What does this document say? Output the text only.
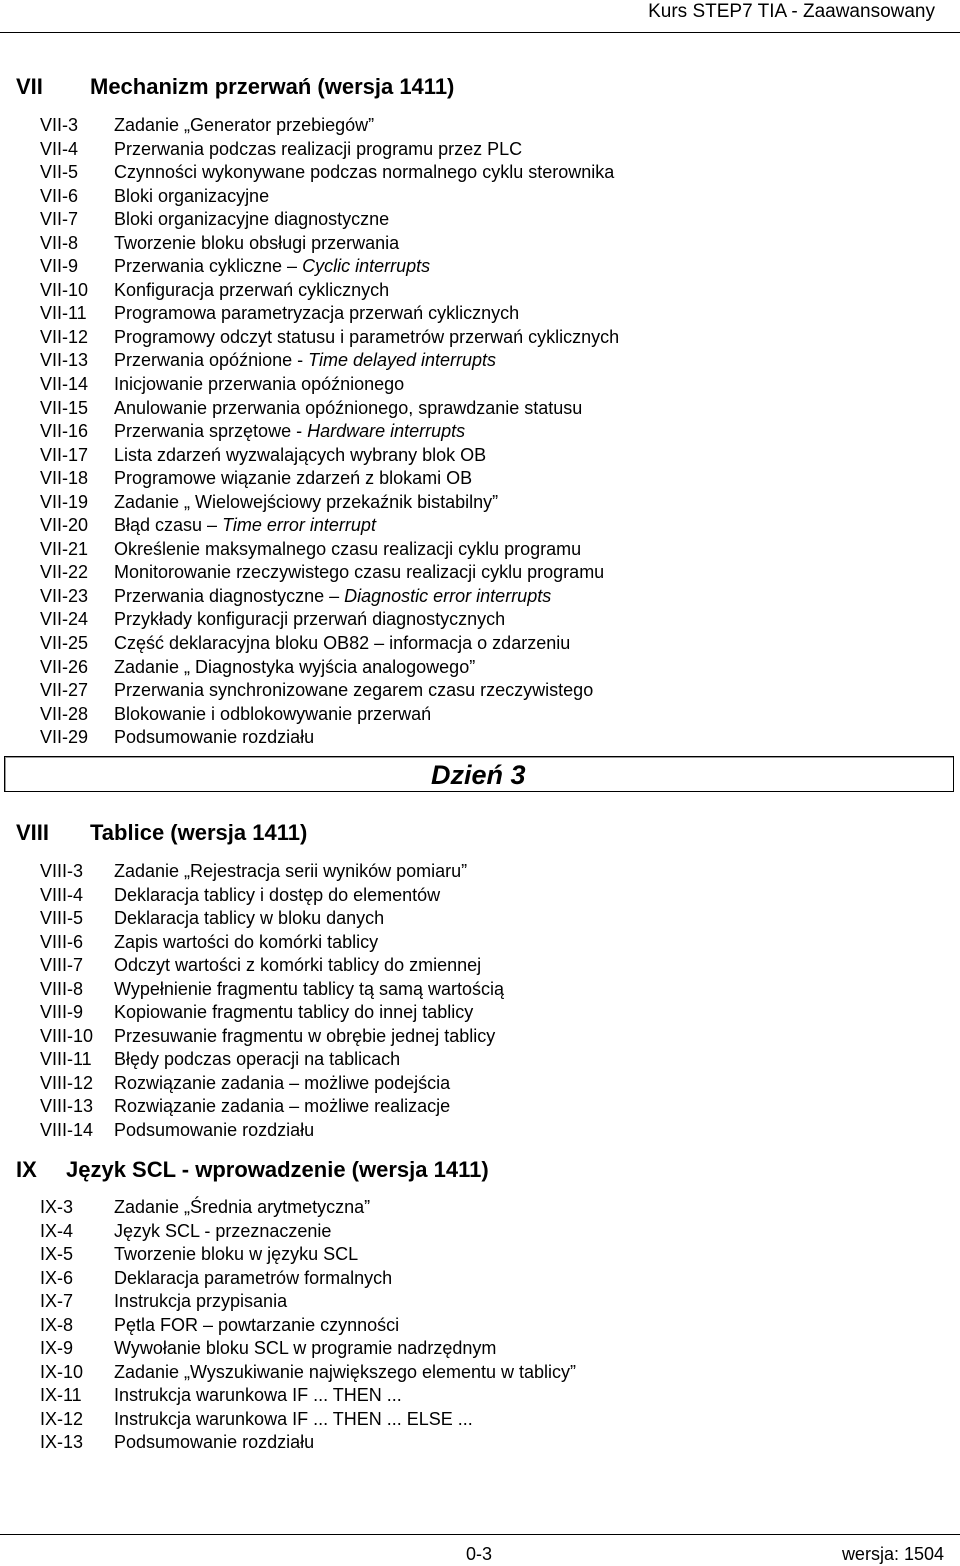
Kurs STEP7 TIA - Zaawansowany
VII Mechanizm przerwań (wersja 1411)
VII-3 Zadanie „Generator przebiegów”
VII-4 Przerwania podczas realizacji programu przez PLC
VII-5 Czynności wykonywane podczas normalnego cyklu sterownika
VII-6 Bloki organizacyjne
VII-7 Bloki organizacyjne diagnostyczne
VII-8 Tworzenie bloku obsługi przerwania
VII-9 Przerwania cykliczne – Cyclic interrupts
VII-10 Konfiguracja przerwań cyklicznych
VII-11 Programowa parametryzacja przerwań cyklicznych
VII-12 Programowy odczyt statusu i parametrów przerwań cyklicznych
VII-13 Przerwania opóźnione - Time delayed interrupts
VII-14 Inicjowanie przerwania opóźnionego
VII-15 Anulowanie przerwania opóźnionego, sprawdzanie statusu
VII-16 Przerwania sprzętowe - Hardware interrupts
VII-17 Lista zdarzeń wyzwalających wybrany blok OB
VII-18 Programowe wiązanie zdarzeń z blokami OB
VII-19 Zadanie „ Wielowejściowy przekaźnik bistabilny”
VII-20 Błąd czasu – Time error interrupt
VII-21 Określenie maksymalnego czasu realizacji cyklu programu
VII-22 Monitorowanie rzeczywistego czasu realizacji cyklu programu
VII-23 Przerwania diagnostyczne – Diagnostic error interrupts
VII-24 Przykłady konfiguracji przerwań diagnostycznych
VII-25 Część deklaracyjna bloku OB82 – informacja o zdarzeniu
VII-26 Zadanie „ Diagnostyka wyjścia analogowego”
VII-27 Przerwania synchronizowane zegarem czasu rzeczywistego
VII-28 Blokowanie i odblokowywanie przerwań
VII-29 Podsumowanie rozdziału
Dzień 3
VIII Tablice (wersja 1411)
VIII-3 Zadanie „Rejestracja serii wyników pomiaru”
VIII-4 Deklaracja tablicy i dostęp do elementów
VIII-5 Deklaracja tablicy w bloku danych
VIII-6 Zapis wartości do komórki tablicy
VIII-7 Odczyt wartości z komórki tablicy do zmiennej
VIII-8 Wypełnienie fragmentu tablicy tą samą wartością
VIII-9 Kopiowanie fragmentu tablicy do innej tablicy
VIII-10 Przesuwanie fragmentu w obrębie jednej tablicy
VIII-11 Błędy podczas operacji na tablicach
VIII-12 Rozwiązanie zadania – możliwe podejścia
VIII-13 Rozwiązanie zadania – możliwe realizacje
VIII-14 Podsumowanie rozdziału
IX Język SCL - wprowadzenie (wersja 1411)
IX-3 Zadanie „Średnia arytmetyczna”
IX-4 Język SCL - przeznaczenie
IX-5 Tworzenie bloku w języku SCL
IX-6 Deklaracja parametrów formalnych
IX-7 Instrukcja przypisania
IX-8 Pętla FOR – powtarzanie czynności
IX-9 Wywołanie bloku SCL w programie nadrzędnym
IX-10 Zadanie „Wyszukiwanie największego elementu w tablicy”
IX-11 Instrukcja warunkowa IF ... THEN ...
IX-12 Instrukcja warunkowa IF ... THEN ... ELSE ...
IX-13 Podsumowanie rozdziału
0-3	wersja: 1504
